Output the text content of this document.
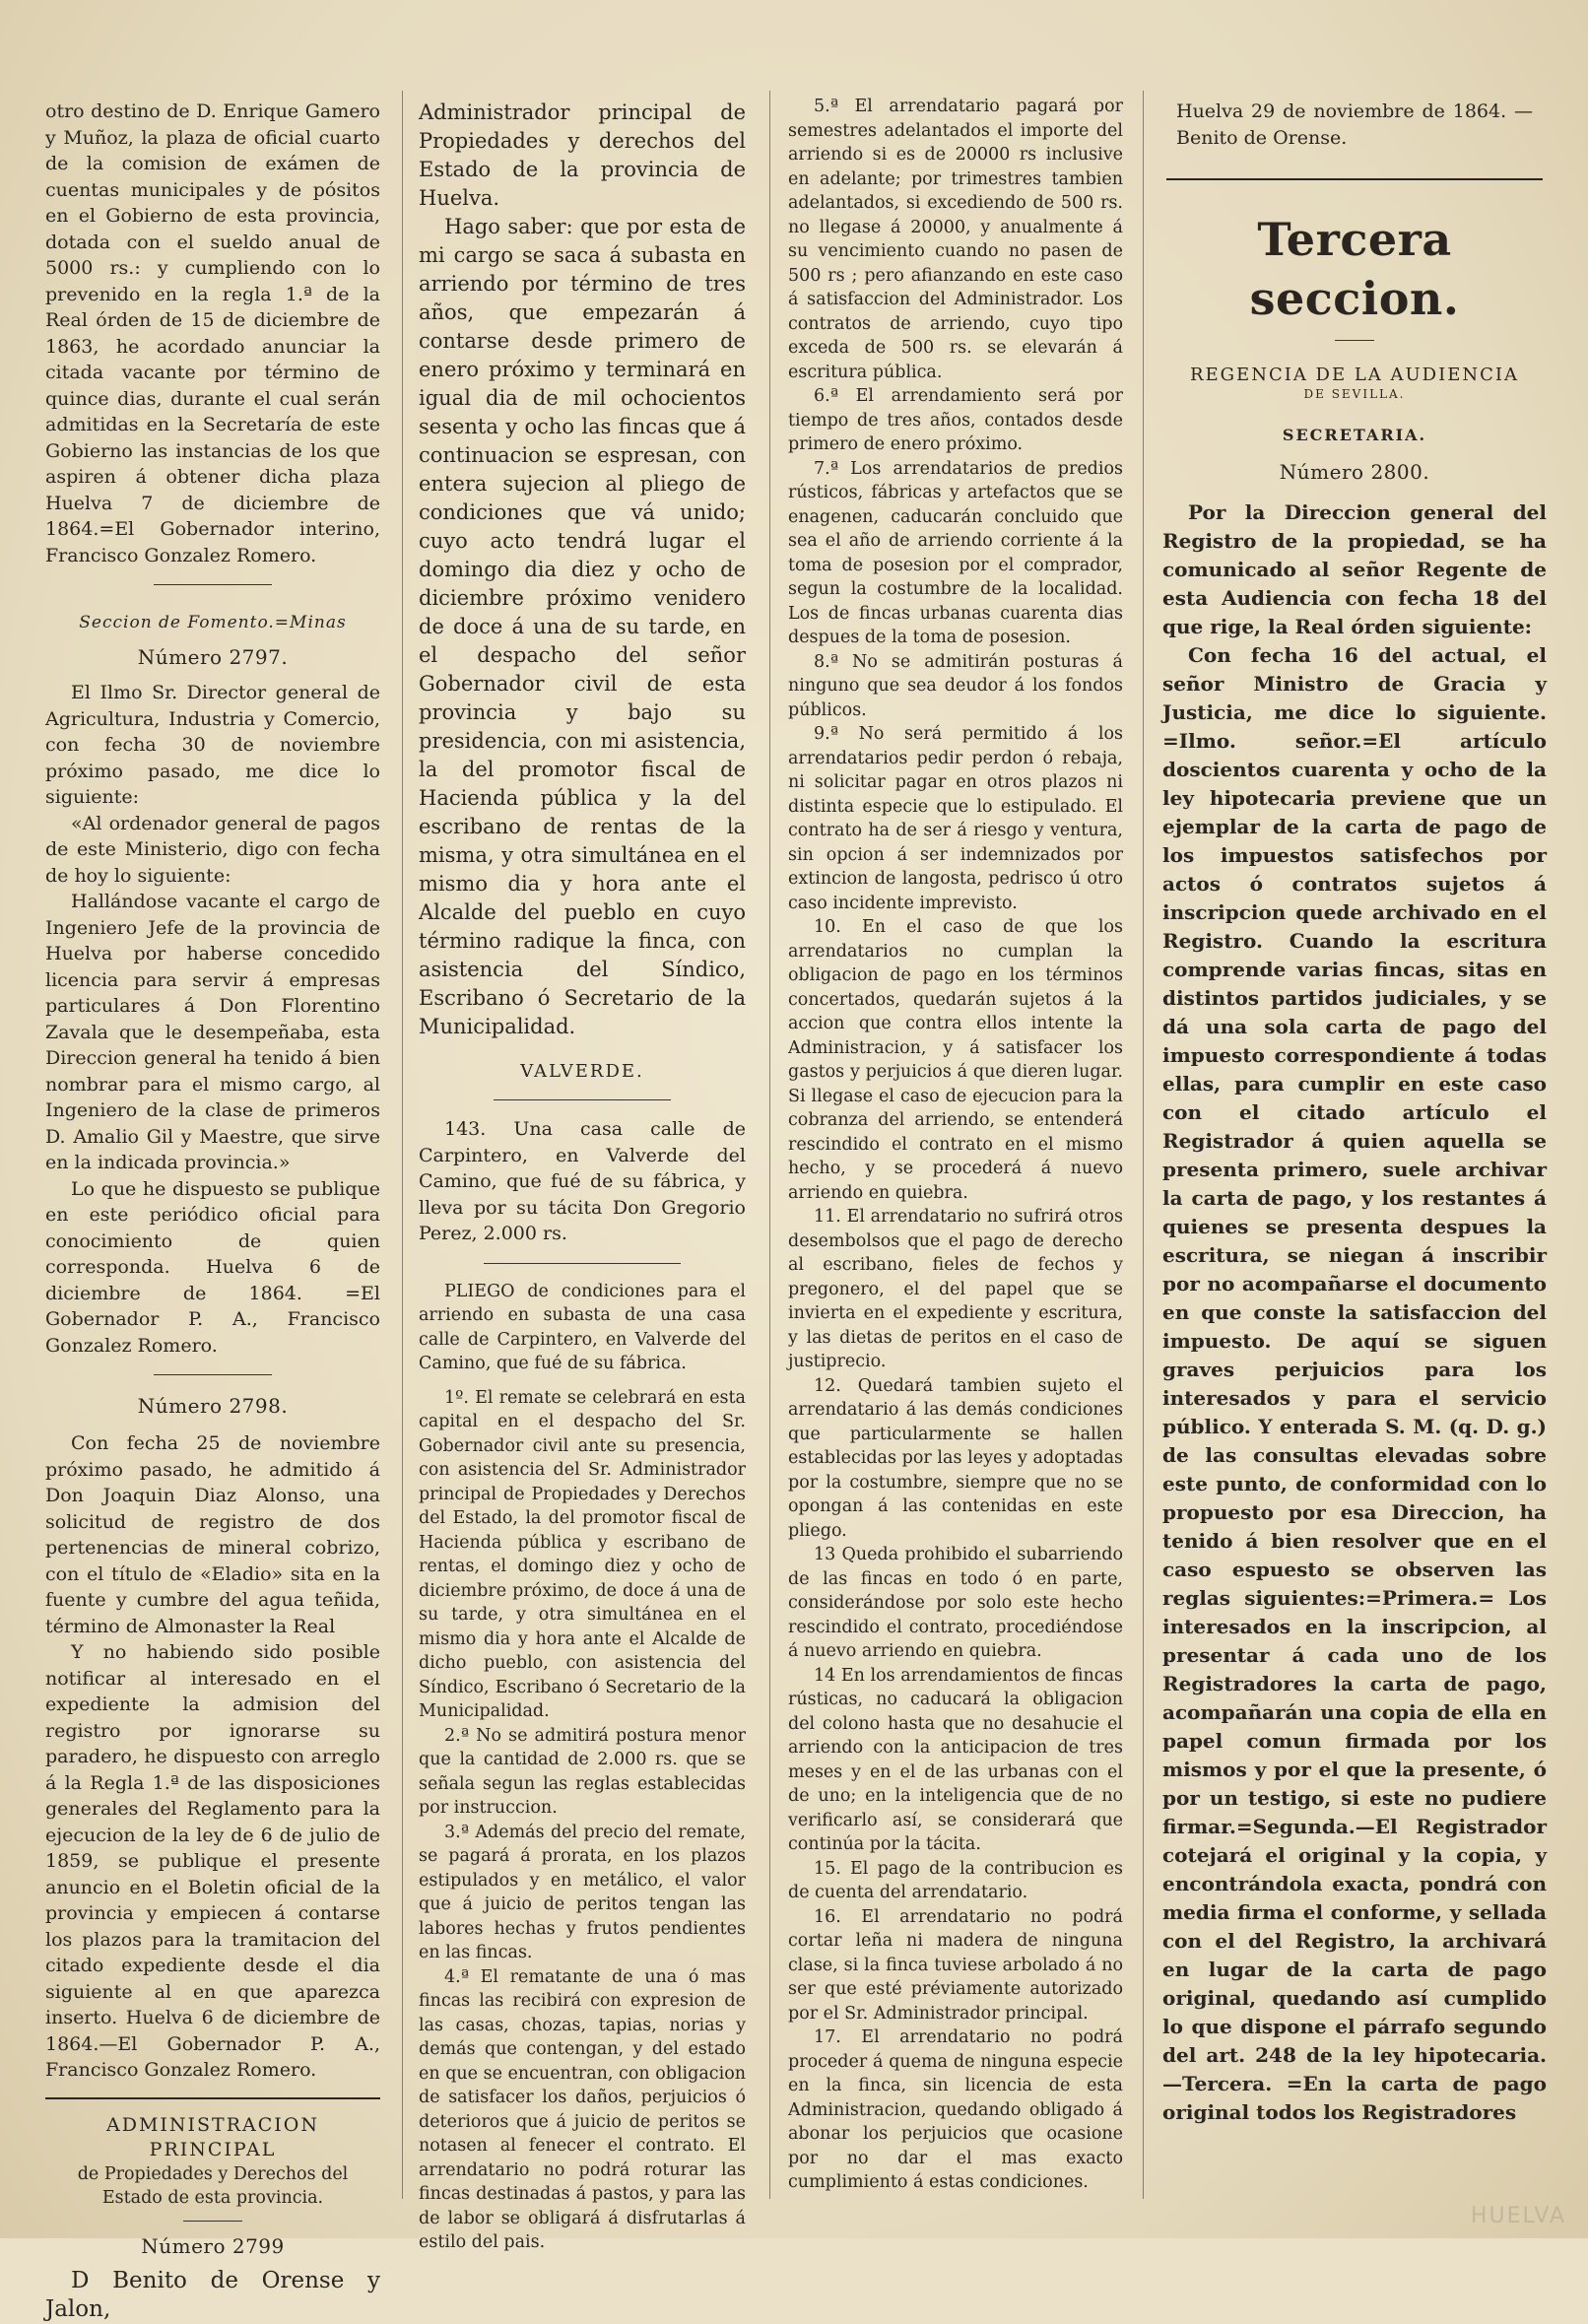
otro destino de D. Enrique Gamero y Muñoz, la plaza de oficial cuarto de la comision de exámen de cuentas municipales y de pósitos en el Gobierno de esta provincia, dotada con el sueldo anual de 5000 rs.: y cumpliendo con lo prevenido en la regla 1.ª de la Real órden de 15 de diciembre de 1863, he acordado anunciar la citada vacante por término de quince dias, durante el cual serán admitidas en la Secretaría de este Gobierno las instancias de los que aspiren á obtener dicha plaza Huelva 7 de diciembre de 1864.=El Gobernador interino, Francisco Gonzalez Romero.

Seccion de Fomento.=Minas

Número 2797.

El Ilmo Sr. Director general de Agricultura, Industria y Comercio, con fecha 30 de noviembre próximo pasado, me dice lo siguiente:

«Al ordenador general de pagos de este Ministerio, digo con fecha de hoy lo siguiente:

Hallándose vacante el cargo de Ingeniero Jefe de la provincia de Huelva por haberse concedido licencia para servir á empresas particulares á Don Florentino Zavala que le desempeñaba, esta Direccion general ha tenido á bien nombrar para el mismo cargo, al Ingeniero de la clase de primeros D. Amalio Gil y Maestre, que sirve en la indicada provincia.»

Lo que he dispuesto se publique en este periódico oficial para conocimiento de quien corresponda. Huelva 6 de diciembre de 1864. =El Gobernador P. A., Francisco Gonzalez Romero.

Número 2798.

Con fecha 25 de noviembre próximo pasado, he admitido á Don Joaquin Diaz Alonso, una solicitud de registro de dos pertenencias de mineral cobrizo, con el título de «Eladio» sita en la fuente y cumbre del agua teñida, término de Almonaster la Real

Y no habiendo sido posible notificar al interesado en el expediente la admision del registro por ignorarse su paradero, he dispuesto con arreglo á la Regla 1.ª de las disposiciones generales del Reglamento para la ejecucion de la ley de 6 de julio de 1859, se publique el presente anuncio en el Boletin oficial de la provincia y empiecen á contarse los plazos para la tramitacion del citado expediente desde el dia siguiente al en que aparezca inserto. Huelva 6 de diciembre de 1864.—El Gobernador P. A., Francisco Gonzalez Romero.

ADMINISTRACION PRINCIPAL

de Propiedades y Derechos del Estado de esta provincia.

Número 2799

D Benito de Orense y Jalon,

Administrador principal de Propiedades y derechos del Estado de la provincia de Huelva.

Hago saber: que por esta de mi cargo se saca á subasta en arriendo por término de tres años, que empezarán á contarse desde primero de enero próximo y terminará en igual dia de mil ochocientos sesenta y ocho las fincas que á continuacion se espresan, con entera sujecion al pliego de condiciones que vá unido; cuyo acto tendrá lugar el domingo dia diez y ocho de diciembre próximo venidero de doce á una de su tarde, en el despacho del señor Gobernador civil de esta provincia y bajo su presidencia, con mi asistencia, la del promotor fiscal de Hacienda pública y la del escribano de rentas de la misma, y otra simultánea en el mismo dia y hora ante el Alcalde del pueblo en cuyo término radique la finca, con asistencia del Síndico, Escribano ó Secretario de la Municipalidad.

VALVERDE.

143. Una casa calle de Carpintero, en Valverde del Camino, que fué de su fábrica, y lleva por su tácita Don Gregorio Perez, 2.000 rs.

PLIEGO de condiciones para el arriendo en subasta de una casa calle de Carpintero, en Valverde del Camino, que fué de su fábrica.

1º. El remate se celebrará en esta capital en el despacho del Sr. Gobernador civil ante su presencia, con asistencia del Sr. Administrador principal de Propiedades y Derechos del Estado, la del promotor fiscal de Hacienda pública y escribano de rentas, el domingo diez y ocho de diciembre próximo, de doce á una de su tarde, y otra simultánea en el mismo dia y hora ante el Alcalde de dicho pueblo, con asistencia del Síndico, Escribano ó Secretario de la Municipalidad.

2.ª No se admitirá postura menor que la cantidad de 2.000 rs. que se señala segun las reglas establecidas por instruccion.

3.ª Además del precio del remate, se pagará á prorata, en los plazos estipulados y en metálico, el valor que á juicio de peritos tengan las labores hechas y frutos pendientes en las fincas.

4.ª El rematante de una ó mas fincas las recibirá con expresion de las casas, chozas, tapias, norias y demás que contengan, y del estado en que se encuentran, con obligacion de satisfacer los daños, perjuicios ó deterioros que á juicio de peritos se notasen al fenecer el contrato. El arrendatario no podrá roturar las fincas destinadas á pastos, y para las de labor se obligará á disfrutarlas á estilo del pais.

5.ª El arrendatario pagará por semestres adelantados el importe del arriendo si es de 20000 rs inclusive en adelante; por trimestres tambien adelantados, si excediendo de 500 rs. no llegase á 20000, y anualmente á su vencimiento cuando no pasen de 500 rs ; pero afianzando en este caso á satisfaccion del Administrador. Los contratos de arriendo, cuyo tipo exceda de 500 rs. se elevarán á escritura pública.

6.ª El arrendamiento será por tiempo de tres años, contados desde primero de enero próximo.

7.ª Los arrendatarios de predios rústicos, fábricas y artefactos que se enagenen, caducarán concluido que sea el año de arriendo corriente á la toma de posesion por el comprador, segun la costumbre de la localidad. Los de fincas urbanas cuarenta dias despues de la toma de posesion.

8.ª No se admitirán posturas á ninguno que sea deudor á los fondos públicos.

9.ª No será permitido á los arrendatarios pedir perdon ó rebaja, ni solicitar pagar en otros plazos ni distinta especie que lo estipulado. El contrato ha de ser á riesgo y ventura, sin opcion á ser indemnizados por extincion de langosta, pedrisco ú otro caso incidente imprevisto.

10. En el caso de que los arrendatarios no cumplan la obligacion de pago en los términos concertados, quedarán sujetos á la accion que contra ellos intente la Administracion, y á satisfacer los gastos y perjuicios á que dieren lugar. Si llegase el caso de ejecucion para la cobranza del arriendo, se entenderá rescindido el contrato en el mismo hecho, y se procederá á nuevo arriendo en quiebra.

11. El arrendatario no sufrirá otros desembolsos que el pago de derecho al escribano, fieles de fechos y pregonero, el del papel que se invierta en el expediente y escritura, y las dietas de peritos en el caso de justiprecio.

12. Quedará tambien sujeto el arrendatario á las demás condiciones que particularmente se hallen establecidas por las leyes y adoptadas por la costumbre, siempre que no se opongan á las contenidas en este pliego.

13 Queda prohibido el subarriendo de las fincas en todo ó en parte, considerándose por solo este hecho rescindido el contrato, procediéndose á nuevo arriendo en quiebra.

14 En los arrendamientos de fincas rústicas, no caducará la obligacion del colono hasta que no desahucie el arriendo con la anticipacion de tres meses y en el de las urbanas con el de uno; en la inteligencia que de no verificarlo así, se considerará que continúa por la tácita.

15. El pago de la contribucion es de cuenta del arrendatario.

16. El arrendatario no podrá cortar leña ni madera de ninguna clase, si la finca tuviese arbolado á no ser que esté préviamente autorizado por el Sr. Administrador principal.

17. El arrendatario no podrá proceder á quema de ninguna especie en la finca, sin licencia de esta Administracion, quedando obligado á abonar los perjuicios que ocasione por no dar el mas exacto cumplimiento á estas condiciones.

Huelva 29 de noviembre de 1864. —Benito de Orense.

Tercera seccion.

REGENCIA DE LA AUDIENCIA

DE SEVILLA.

SECRETARIA.

Número 2800.

Por la Direccion general del Registro de la propiedad, se ha comunicado al señor Regente de esta Audiencia con fecha 18 del que rige, la Real órden siguiente:

Con fecha 16 del actual, el señor Ministro de Gracia y Justicia, me dice lo siguiente. =Ilmo. señor.=El artículo doscientos cuarenta y ocho de la ley hipotecaria previene que un ejemplar de la carta de pago de los impuestos satisfechos por actos ó contratos sujetos á inscripcion quede archivado en el Registro. Cuando la escritura comprende varias fincas, sitas en distintos partidos judiciales, y se dá una sola carta de pago del impuesto correspondiente á todas ellas, para cumplir en este caso con el citado artículo el Registrador á quien aquella se presenta primero, suele archivar la carta de pago, y los restantes á quienes se presenta despues la escritura, se niegan á inscribir por no acompañarse el documento en que conste la satisfaccion del impuesto. De aquí se siguen graves perjuicios para los interesados y para el servicio público. Y enterada S. M. (q. D. g.) de las consultas elevadas sobre este punto, de conformidad con lo propuesto por esa Direccion, ha tenido á bien resolver que en el caso espuesto se observen las reglas siguientes:=Primera.= Los interesados en la inscripcion, al presentar á cada uno de los Registradores la carta de pago, acompañarán una copia de ella en papel comun firmada por los mismos y por el que la presente, ó por un testigo, si este no pudiere firmar.=Segunda.—El Registrador cotejará el original y la copia, y encontrándola exacta, pondrá con media firma el conforme, y sellada con el del Registro, la archivará en lugar de la carta de pago original, quedando así cumplido lo que dispone el párrafo segundo del art. 248 de la ley hipotecaria.—Tercera. =En la carta de pago original todos los Registradores

HUELVA
